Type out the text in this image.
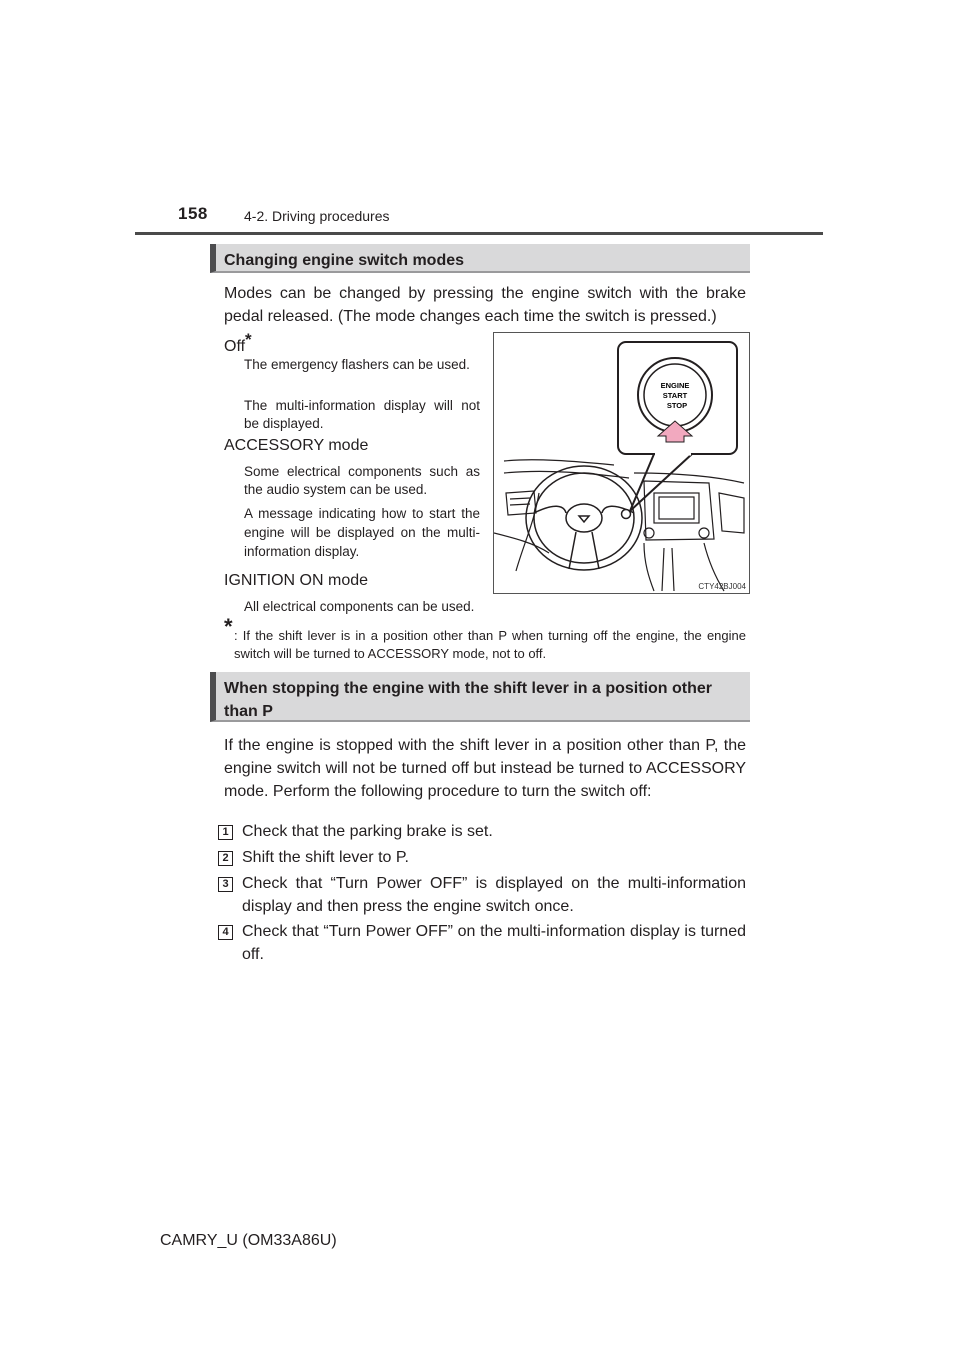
158	4-2. Driving procedures
Changing engine switch modes
Modes can be changed by pressing the engine switch with the brake pedal released. (The mode changes each time the switch is pressed.)
Off*
The emergency flashers can be used.
The multi-information display will not be displayed.
ACCESSORY mode
Some electrical components such as the audio system can be used.
A message indicating how to start the engine will be displayed on the multi-information display.
IGNITION ON mode
All electrical components can be used.
* : If the shift lever is in a position other than P when turning off the engine, the engine switch will be turned to ACCESSORY mode, not to off.
ENGINE
START
STOP
CTY42BJ004
When stopping the engine with the shift lever in a position other than P
If the engine is stopped with the shift lever in a position other than P, the engine switch will not be turned off but instead be turned to ACCESSORY mode. Perform the following procedure to turn the switch off:
1 Check that the parking brake is set.
2 Shift the shift lever to P.
3 Check that “Turn Power OFF” is displayed on the multi-information display and then press the engine switch once.
4 Check that “Turn Power OFF” on the multi-information display is turned off.
CAMRY_U (OM33A86U)
